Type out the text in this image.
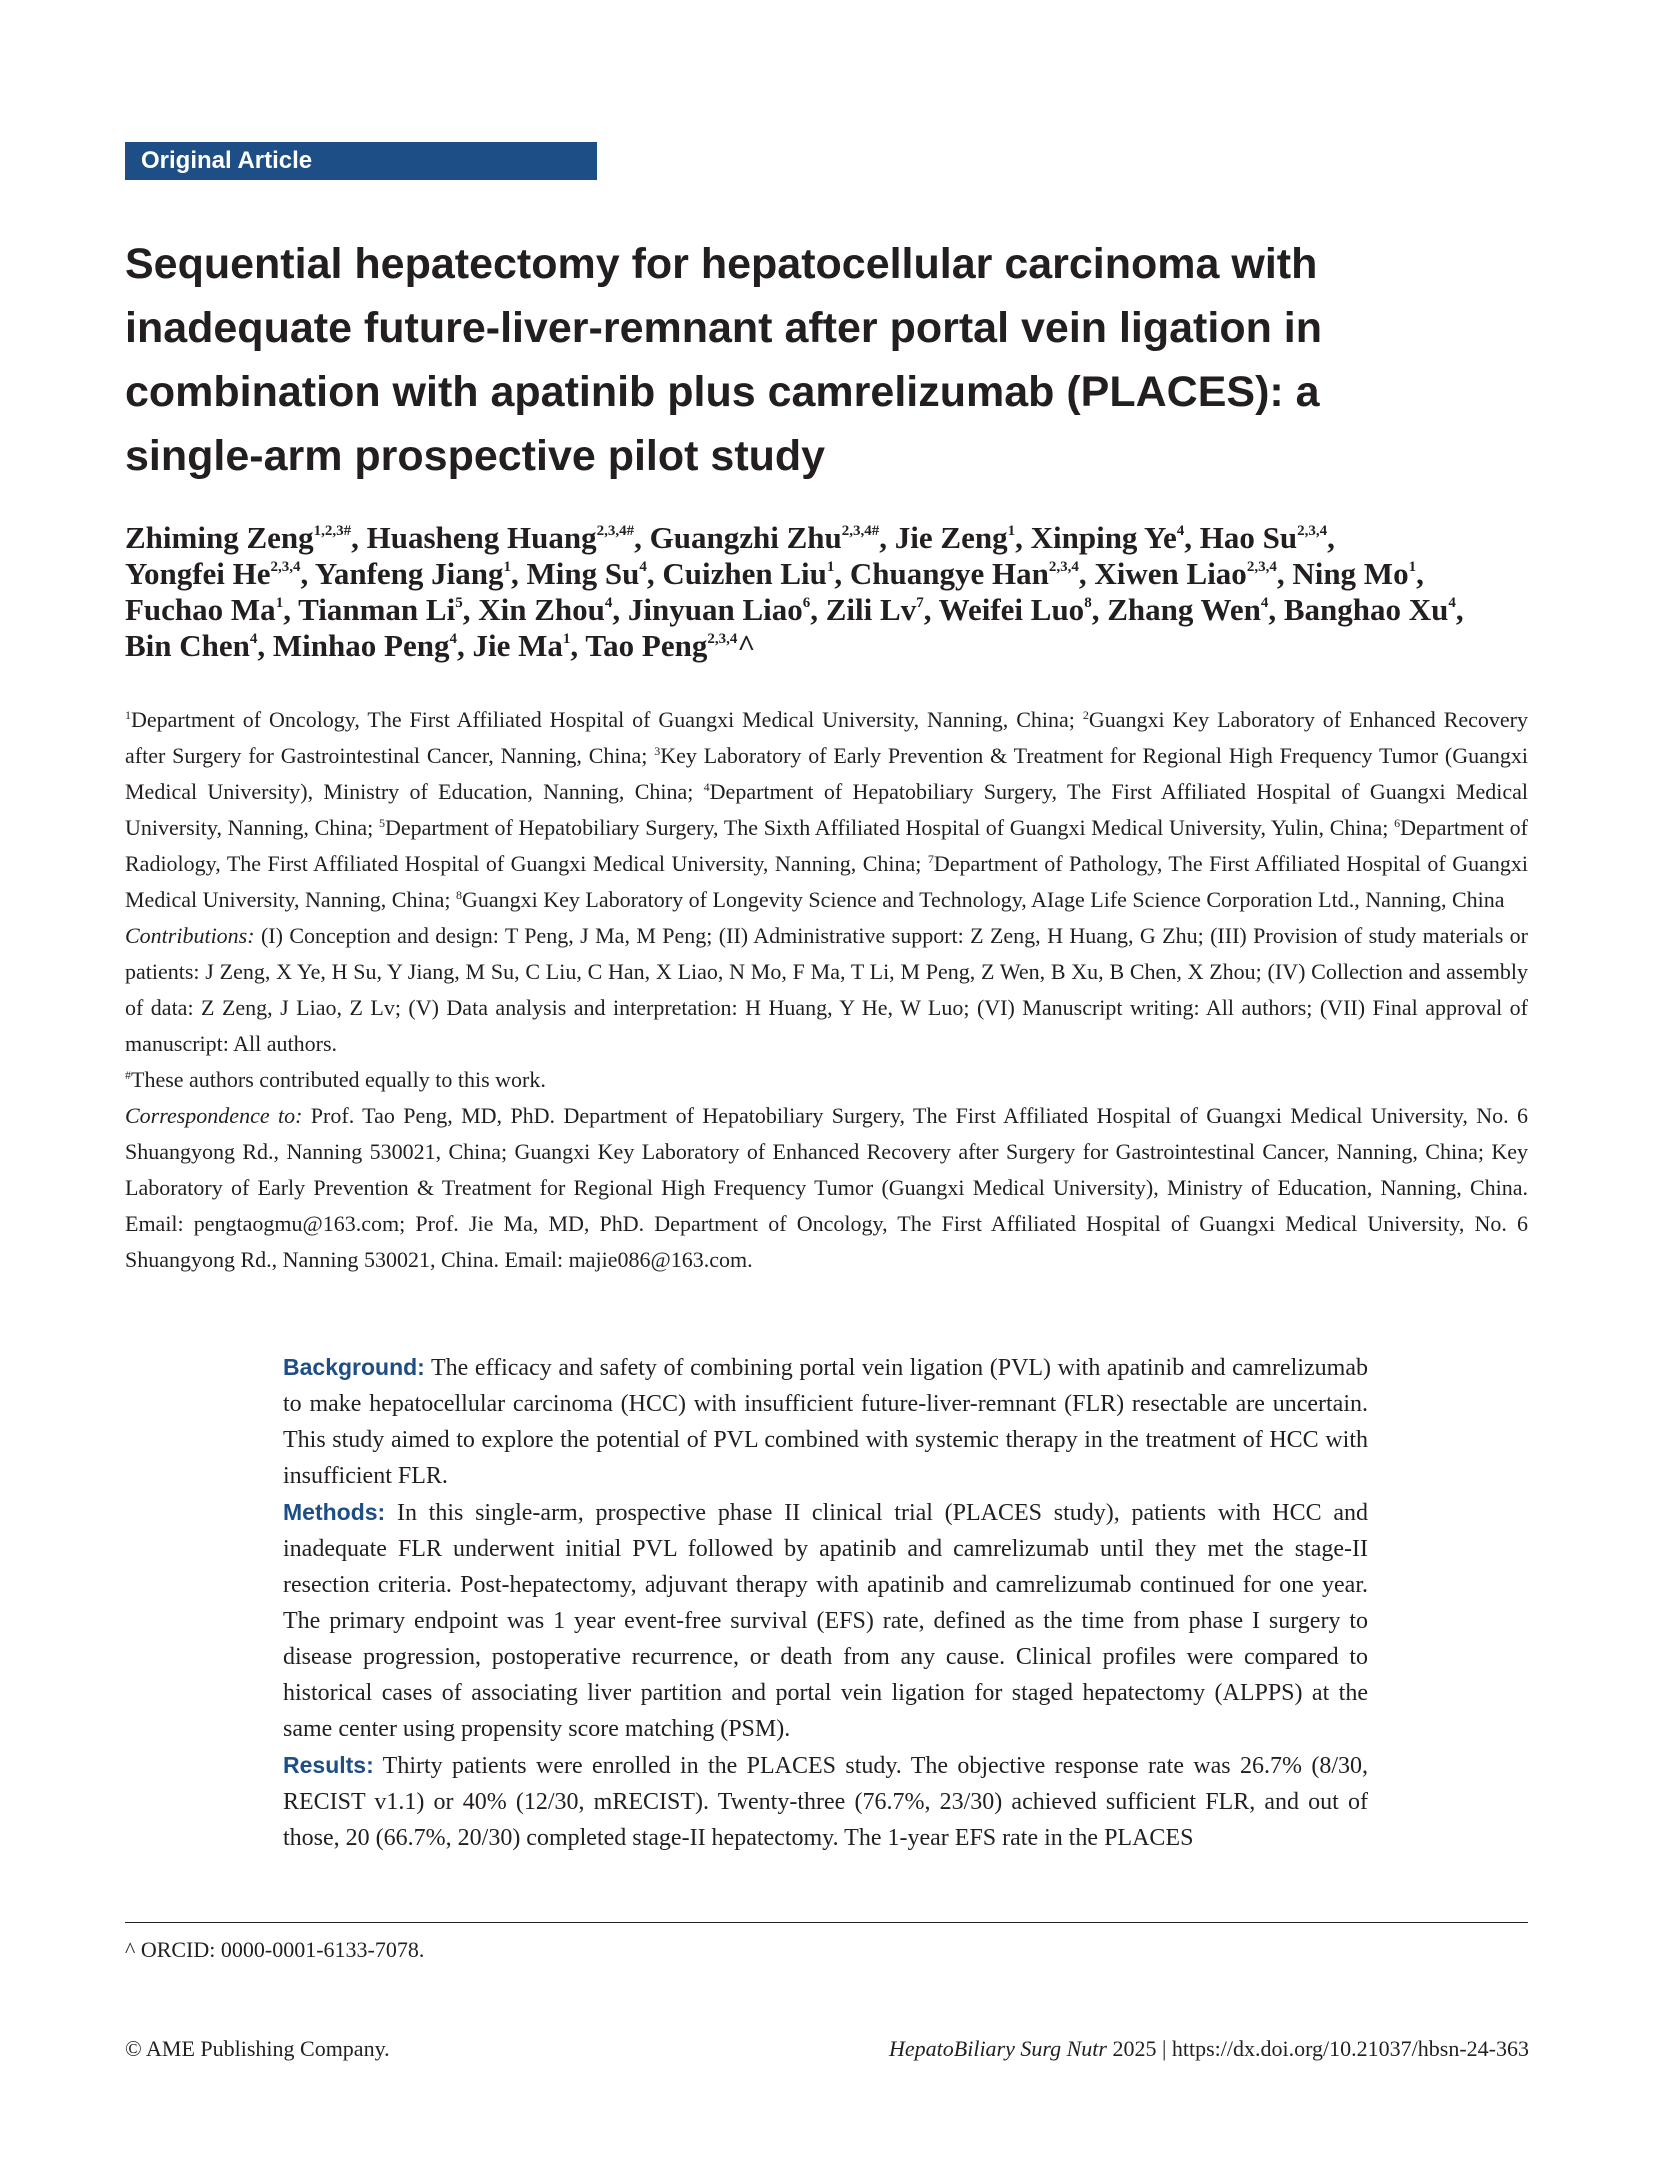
Original Article
Sequential hepatectomy for hepatocellular carcinoma with
inadequate future-liver-remnant after portal vein ligation in
combination with apatinib plus camrelizumab (PLACES): a
single-arm prospective pilot study
Zhiming Zeng$^{1,2,3\#}$, Huasheng Huang$^{2,3,4\#}$, Guangzhi Zhu$^{2,3,4\#}$, Jie Zeng$^1$, Xinping Ye$^4$, Hao Su$^{2,3,4}$,
Yongfei He$^{2,3,4}$, Yanfeng Jiang$^1$, Ming Su$^4$, Cuizhen Liu$^1$, Chuangye Han$^{2,3,4}$, Xiwen Liao$^{2,3,4}$, Ning Mo$^1$,
Fuchao Ma$^1$, Tianman Li$^5$, Xin Zhou$^4$, Jinyuan Liao$^6$, Zili Lv$^7$, Weifei Luo$^8$, Zhang Wen$^4$, Banghao Xu$^4$,
Bin Chen$^4$, Minhao Peng$^4$, Jie Ma$^1$, Tao Peng$^{2,3,4}$^

$^1$Department of Oncology, The First Affiliated Hospital of Guangxi Medical University, Nanning, China; $^2$Guangxi Key Laboratory of Enhanced Recovery after Surgery for Gastrointestinal Cancer, Nanning, China; $^3$Key Laboratory of Early Prevention & Treatment for Regional High Frequency Tumor (Guangxi Medical University), Ministry of Education, Nanning, China; $^4$Department of Hepatobiliary Surgery, The First Affiliated Hospital of Guangxi Medical University, Nanning, China; $^5$Department of Hepatobiliary Surgery, The Sixth Affiliated Hospital of Guangxi Medical University, Yulin, China; $^6$Department of Radiology, The First Affiliated Hospital of Guangxi Medical University, Nanning, China; $^7$Department of Pathology, The First Affiliated Hospital of Guangxi Medical University, Nanning, China; $^8$Guangxi Key Laboratory of Longevity Science and Technology, AIage Life Science Corporation Ltd., Nanning, China

Contributions: (I) Conception and design: T Peng, J Ma, M Peng; (II) Administrative support: Z Zeng, H Huang, G Zhu; (III) Provision of study materials or patients: J Zeng, X Ye, H Su, Y Jiang, M Su, C Liu, C Han, X Liao, N Mo, F Ma, T Li, M Peng, Z Wen, B Xu, B Chen, X Zhou; (IV) Collection and assembly of data: Z Zeng, J Liao, Z Lv; (V) Data analysis and interpretation: H Huang, Y He, W Luo; (VI) Manuscript writing: All authors; (VII) Final approval of manuscript: All authors.

#These authors contributed equally to this work.

Correspondence to: Prof. Tao Peng, MD, PhD. Department of Hepatobiliary Surgery, The First Affiliated Hospital of Guangxi Medical University, No. 6 Shuangyong Rd., Nanning 530021, China; Guangxi Key Laboratory of Enhanced Recovery after Surgery for Gastrointestinal Cancer, Nanning, China; Key Laboratory of Early Prevention & Treatment for Regional High Frequency Tumor (Guangxi Medical University), Ministry of Education, Nanning, China. Email: pengtaogmu@163.com; Prof. Jie Ma, MD, PhD. Department of Oncology, The First Affiliated Hospital of Guangxi Medical University, No. 6 Shuangyong Rd., Nanning 530021, China. Email: majie086@163.com.

Background: The efficacy and safety of combining portal vein ligation (PVL) with apatinib and camrelizumab to make hepatocellular carcinoma (HCC) with insufficient future-liver-remnant (FLR) resectable are uncertain. This study aimed to explore the potential of PVL combined with systemic therapy in the treatment of HCC with insufficient FLR.

Methods: In this single-arm, prospective phase II clinical trial (PLACES study), patients with HCC and inadequate FLR underwent initial PVL followed by apatinib and camrelizumab until they met the stage-II resection criteria. Post-hepatectomy, adjuvant therapy with apatinib and camrelizumab continued for one year. The primary endpoint was 1 year event-free survival (EFS) rate, defined as the time from phase I surgery to disease progression, postoperative recurrence, or death from any cause. Clinical profiles were compared to historical cases of associating liver partition and portal vein ligation for staged hepatectomy (ALPPS) at the same center using propensity score matching (PSM).

Results: Thirty patients were enrolled in the PLACES study. The objective response rate was 26.7% (8/30, RECIST v1.1) or 40% (12/30, mRECIST). Twenty-three (76.7%, 23/30) achieved sufficient FLR, and out of those, 20 (66.7%, 20/30) completed stage-II hepatectomy. The 1-year EFS rate in the PLACES

^ ORCID: 0000-0001-6133-7078.
© AME Publishing Company.	HepatoBiliary Surg Nutr 2025 | https://dx.doi.org/10.21037/hbsn-24-363
